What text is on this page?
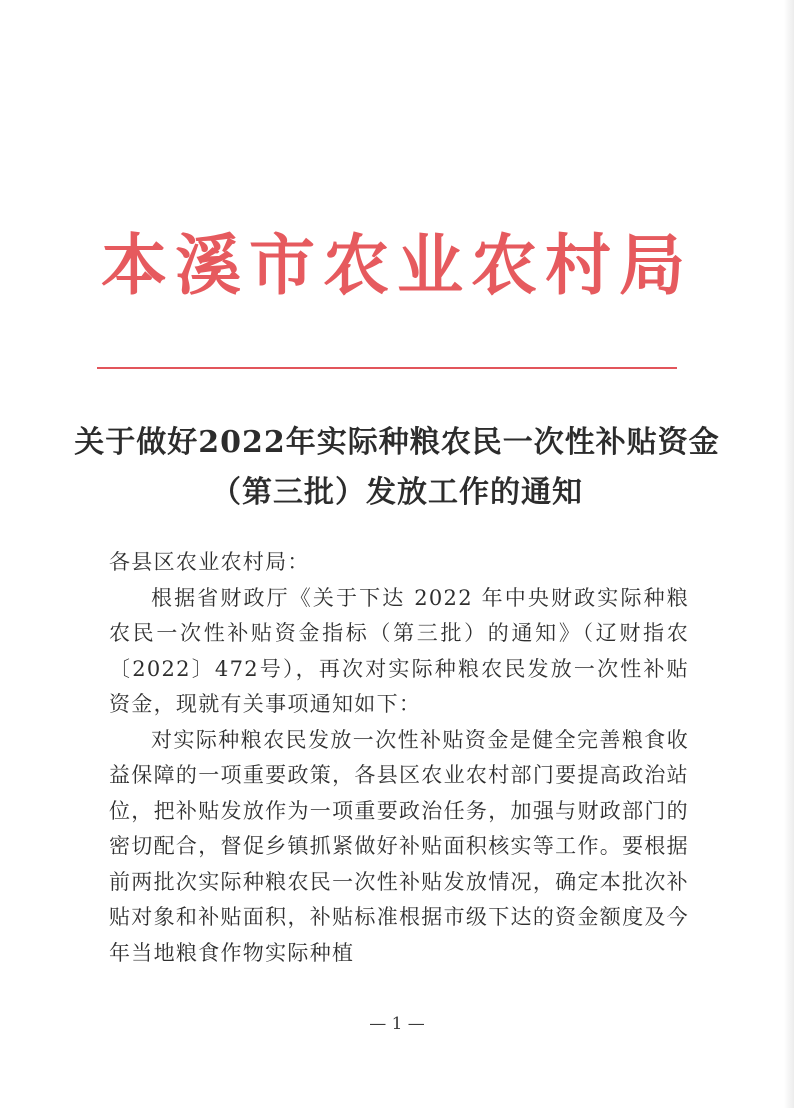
本溪市农业农村局
关于做好2022年实际种粮农民一次性补贴资金
（第三批）发放工作的通知

各县区农业农村局：

根据省财政厅《关于下达 2022 年中央财政实际种粮农民一次性补贴资金指标（第三批）的通知》（辽财指农〔2022〕472号），再次对实际种粮农民发放一次性补贴资金，现就有关事项通知如下：

对实际种粮农民发放一次性补贴资金是健全完善粮食收益保障的一项重要政策，各县区农业农村部门要提高政治站位，把补贴发放作为一项重要政治任务，加强与财政部门的密切配合，督促乡镇抓紧做好补贴面积核实等工作。要根据前两批次实际种粮农民一次性补贴发放情况，确定本批次补贴对象和补贴面积，补贴标准根据市级下达的资金额度及今年当地粮食作物实际种植

— 1 —
